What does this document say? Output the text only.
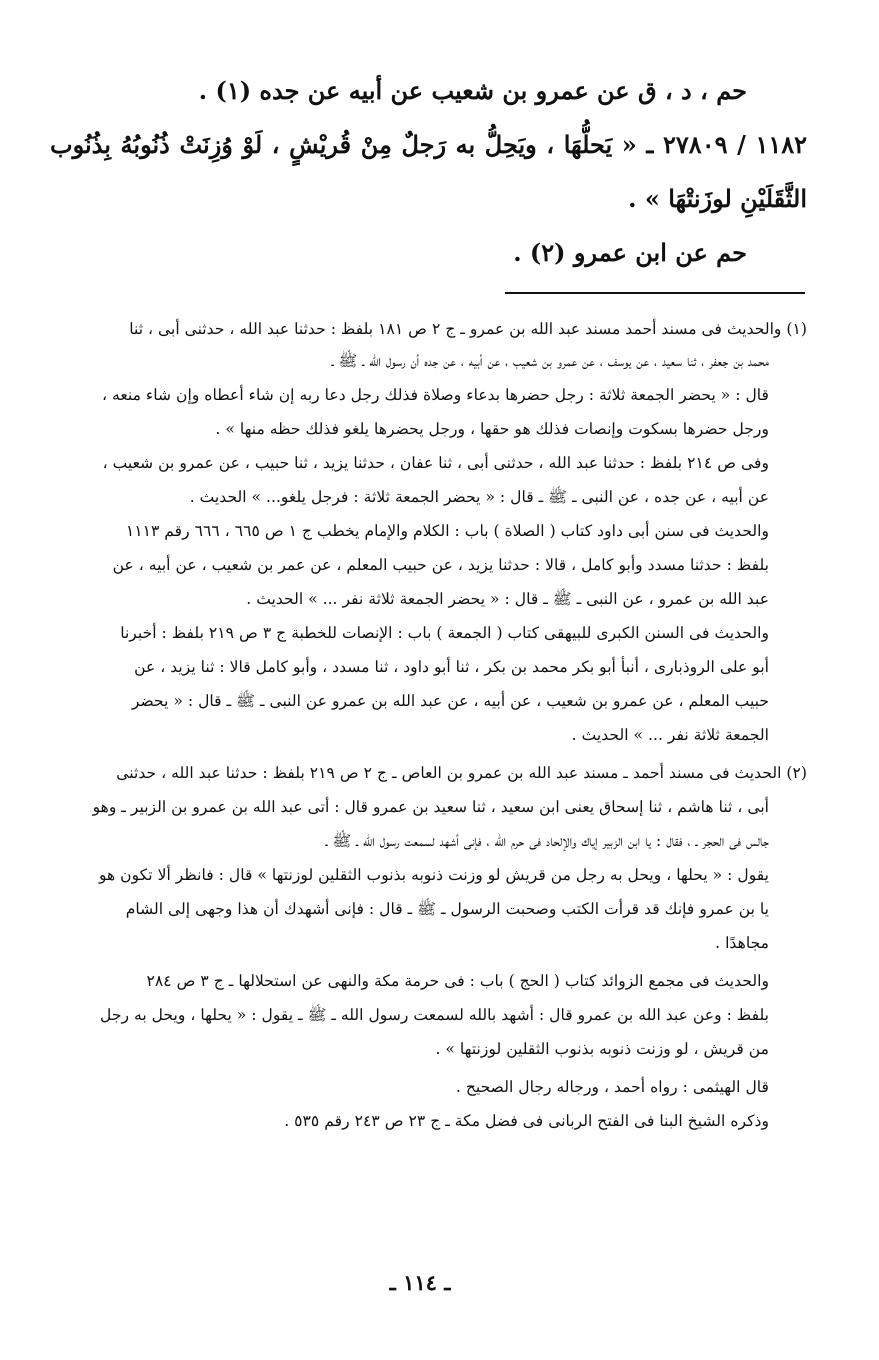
حم ، د ، ق عن عمرو بن شعيب عن أبيه عن جده (١) .
١١٨٢ / ٢٧٨٠٩ ـ « يَحلُّهَا ، ويَحِلُّ به رَجلٌ مِنْ قُريْشٍ ، لَوْ وُزِنَتْ ذُنُوبُهُ بِذُنُوب
الثَّقَلَيْنِ لوزَنتْهَا » .
حم عن ابن عمرو (٢) .
(١) والحديث فى مسند أحمد مسند عبد الله بن عمرو ـ ج ٢ ص ١٨١ بلفظ : حدثنا عبد الله ، حدثنى أبى ، ثنا
محمد بن جعفر ، ثنا سعيد ، عن يوسف ، عن عمرو بن شعيب ، عن أبيه ، عن جده أن رسول الله ـ ﷺ ـ
قال : « يحضر الجمعة ثلاثة : رجل حضرها بدعاء وصلاة فذلك رجل دعا ربه إن شاء أعطاه وإن شاء منعه ،
ورجل حضرها بسكوت وإنصات فذلك هو حقها ، ورجل يحضرها يلغو فذلك حظه منها » .
وفى ص ٢١٤ بلفظ : حدثنا عبد الله ، حدثنى أبى ، ثنا عفان ، حدثنا يزيد ، ثنا حبيب ، عن عمرو بن شعيب ،
عن أبيه ، عن جده ، عن النبى ـ ﷺ ـ قال : « يحضر الجمعة ثلاثة : فرجل يلغو... » الحديث .
والحديث فى سنن أبى داود كتاب ( الصلاة ) باب : الكلام والإمام يخطب ج ١ ص ٦٦٥ ، ٦٦٦ رقم ١١١٣
بلفظ : حدثنا مسدد وأبو كامل ، قالا : حدثنا يزيد ، عن حبيب المعلم ، عن عمر بن شعيب ، عن أبيه ، عن
عبد الله بن عمرو ، عن النبى ـ ﷺ ـ قال : « يحضر الجمعة ثلاثة نفر ... » الحديث .
والحديث فى السنن الكبرى للبيهقى كتاب ( الجمعة ) باب : الإنصات للخطبة ج ٣ ص ٢١٩ بلفظ : أخبرنا
أبو على الروذبارى ، أنبأ أبو بكر محمد بن بكر ، ثنا أبو داود ، ثنا مسدد ، وأبو كامل قالا : ثنا يزيد ، عن
حبيب المعلم ، عن عمرو بن شعيب ، عن أبيه ، عن عبد الله بن عمرو عن النبى ـ ﷺ ـ قال : « يحضر
الجمعة ثلاثة نفر ... » الحديث .
(٢) الحديث فى مسند أحمد ـ مسند عبد الله بن عمرو بن العاص ـ ج ٢ ص ٢١٩ بلفظ : حدثنا عبد الله ، حدثنى
أبى ، ثنا هاشم ، ثنا إسحاق يعنى ابن سعيد ، ثنا سعيد بن عمرو قال : أتى عبد الله بن عمرو بن الزبير ـ وهو
جالس فى الحجر ـ ، فقال : يا ابن الزبير إياك والإلحاد فى حرم الله ، فإنى أشهد لسمعت رسول الله ـ ﷺ ـ
يقول : « يحلها ، ويحل به رجل من قريش لو وزنت ذنوبه بذنوب الثقلين لوزنتها » قال : فانظر ألا تكون هو
يا بن عمرو فإنك قد قرأت الكتب وصحبت الرسول ـ ﷺ ـ قال : فإنى أشهدك أن هذا وجهى إلى الشام
مجاهدًا .
والحديث فى مجمع الزوائد كتاب ( الحج ) باب : فى حرمة مكة والنهى عن استحلالها ـ ج ٣ ص ٢٨٤
بلفظ : وعن عبد الله بن عمرو قال : أشهد بالله لسمعت رسول الله ـ ﷺ ـ يقول : « يحلها ، ويحل به رجل
من قريش ، لو وزنت ذنوبه بذنوب الثقلين لوزنتها » .
قال الهيثمى : رواه أحمد ، ورجاله رجال الصحيح .
وذكره الشيخ البنا فى الفتح الربانى فى فضل مكة ـ ج ٢٣ ص ٢٤٣ رقم ٥٣٥ .
ـ ١١٤ ـ
